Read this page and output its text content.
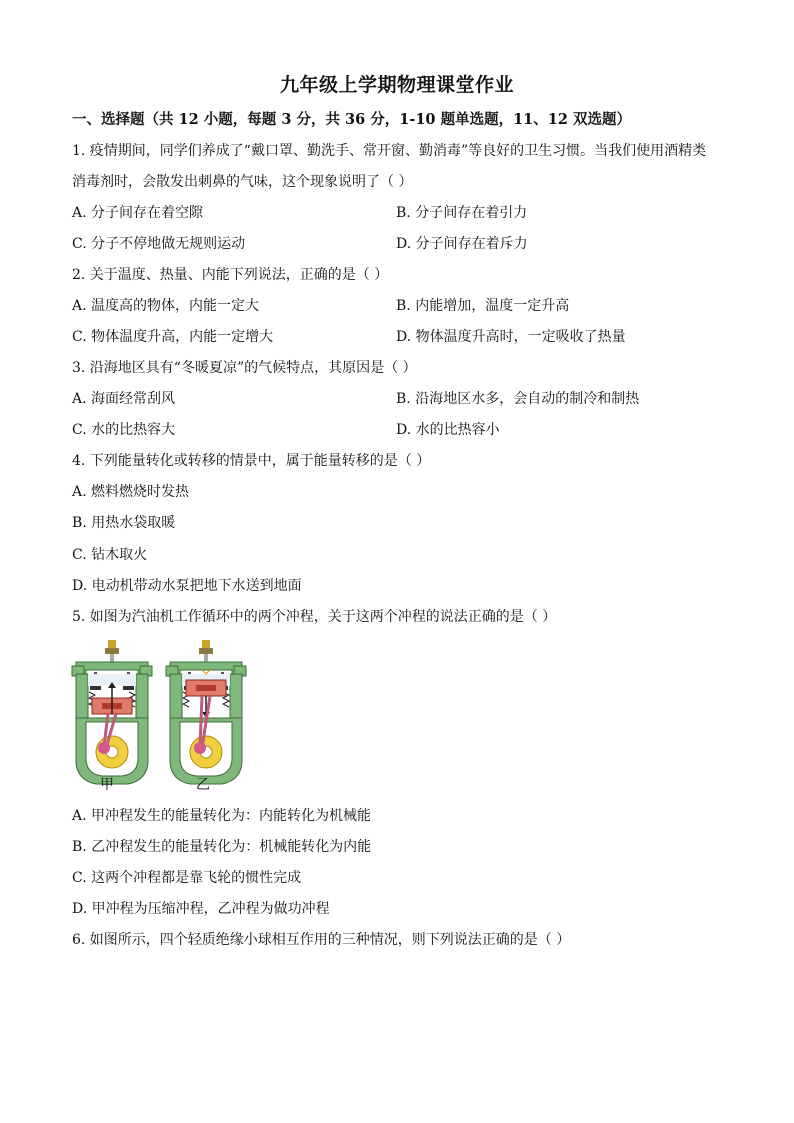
九年级上学期物理课堂作业
一、选择题（共 12 小题，每题 3 分，共 36 分，1-10 题单选题，11、12 双选题）
1. 疫情期间，同学们养成了“戴口罩、勤洗手、常开窗、勤消毒”等良好的卫生习惯。当我们使用酒精类
消毒剂时，会散发出刺鼻的气味，这个现象说明了（ ）
A. 分子间存在着空隙	B. 分子间存在着引力
C. 分子不停地做无规则运动	D. 分子间存在着斥力
2. 关于温度、热量、内能下列说法，正确的是（ ）
A. 温度高的物体，内能一定大	B. 内能增加，温度一定升高
C. 物体温度升高，内能一定增大	D. 物体温度升高时，一定吸收了热量
3. 沿海地区具有“冬暖夏凉”的气候特点，其原因是（ ）
A. 海面经常刮风	B. 沿海地区水多，会自动的制冷和制热
C. 水的比热容大	D. 水的比热容小
4. 下列能量转化或转移的情景中，属于能量转移的是（ ）
A. 燃料燃烧时发热
B. 用热水袋取暖
C. 钻木取火
D. 电动机带动水泵把地下水送到地面
5. 如图为汽油机工作循环中的两个冲程，关于这两个冲程的说法正确的是（ ）
甲	乙
A. 甲冲程发生的能量转化为：内能转化为机械能
B. 乙冲程发生的能量转化为：机械能转化为内能
C. 这两个冲程都是靠飞轮的惯性完成
D. 甲冲程为压缩冲程，乙冲程为做功冲程
6. 如图所示，四个轻质绝缘小球相互作用的三种情况，则下列说法正确的是（ ）
